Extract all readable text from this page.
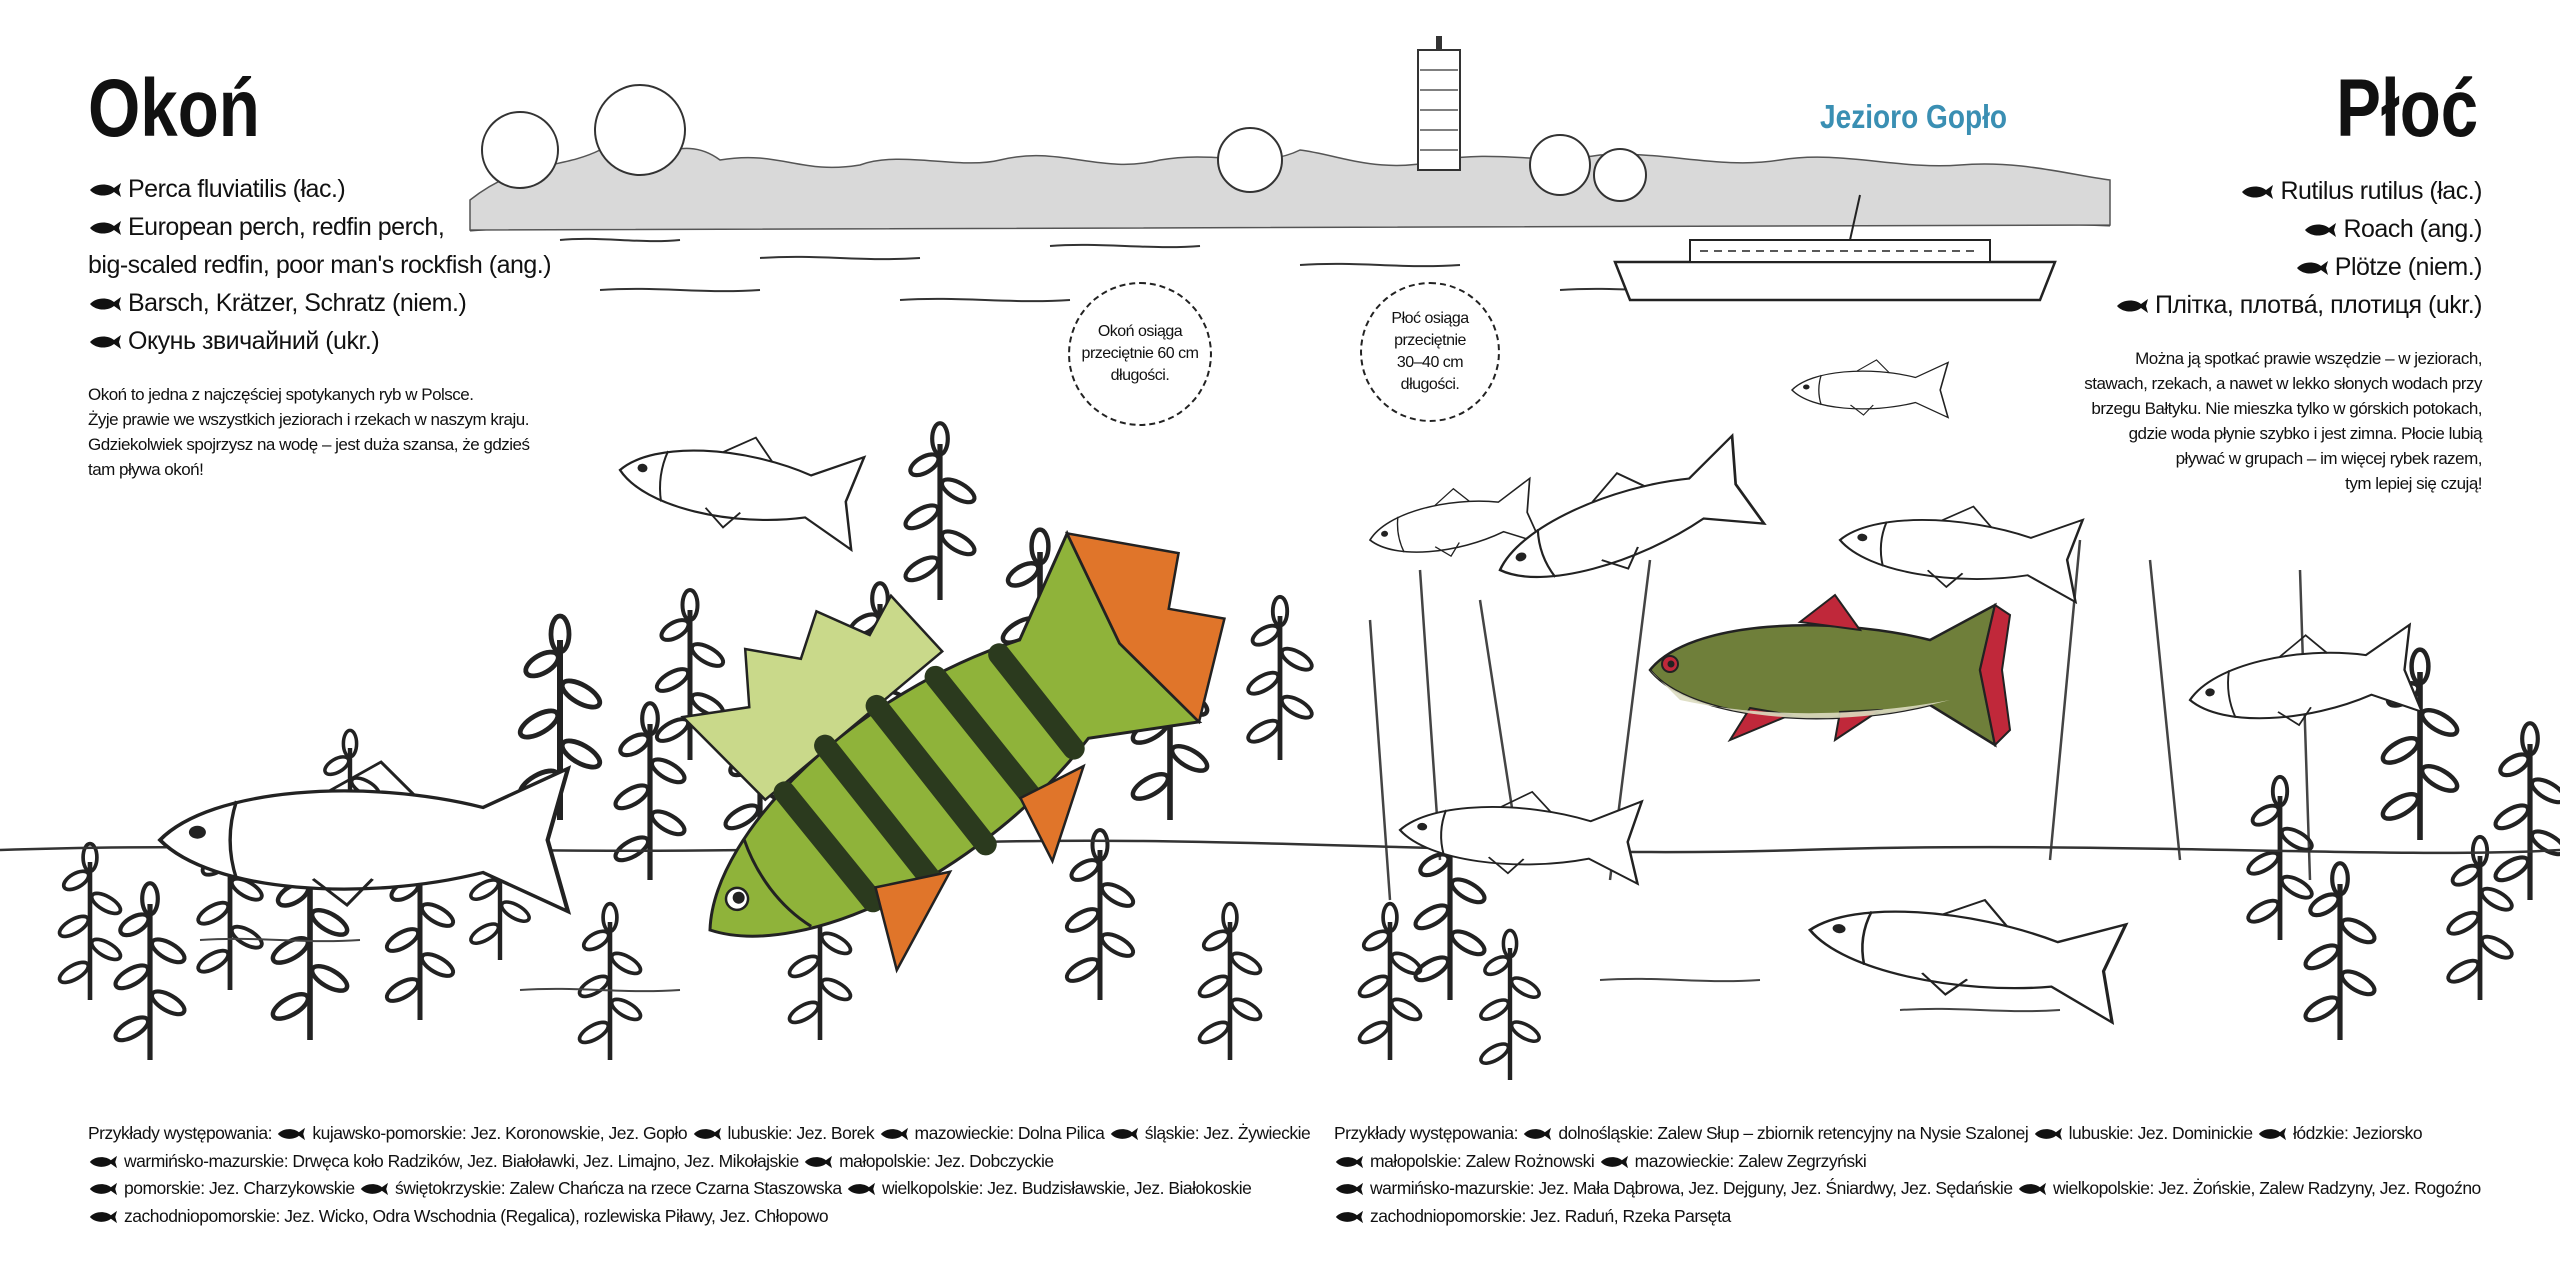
Okoń	Płoć
Perca fluviatilis (łac.)
European perch, redfin perch,
big-scaled redfin, poor man's rockfish (ang.)
Barsch, Krätzer, Schratz (niem.)
Окунь звичайний (ukr.)
Rutilus rutilus (łac.)
Roach (ang.)
Plötze (niem.)
Плітка, плотвá, плотиця (ukr.)
Okoń to jedna z najczęściej spotykanych ryb w Polsce.
Żyje prawie we wszystkich jeziorach i rzekach w naszym kraju.
Gdziekolwiek spojrzysz na wodę – jest duża szansa, że gdzieś
tam pływa okoń!
Można ją spotkać prawie wszędzie – w jeziorach,
stawach, rzekach, a nawet w lekko słonych wodach przy
brzegu Bałtyku. Nie mieszka tylko w górskich potokach,
gdzie woda płynie szybko i jest zimna. Płocie lubią
pływać w grupach – im więcej rybek razem,
tym lepiej się czują!
Jezioro Gopło
Okoń osiąga
przeciętnie 60 cm
długości.
Płoć osiąga
przeciętnie
30–40 cm
długości.
Przykłady występowania: kujawsko-pomorskie: Jez. Koronowskie, Jez. Gopło lubuskie: Jez. Borek mazowieckie: Dolna Pilica śląskie: Jez. Żywieckie warmińsko-mazurskie: Drwęca koło Radzików, Jez. Białoławki, Jez. Limajno, Jez. Mikołajskie małopolskie: Jez. Dobczyckie pomorskie: Jez. Charzykowskie świętokrzyskie: Zalew Chańcza na rzece Czarna Staszowska wielkopolskie: Jez. Budzisławskie, Jez. Białokoskie zachodniopomorskie: Jez. Wicko, Odra Wschodnia (Regalica), rozlewiska Piławy, Jez. Chłopowo
Przykłady występowania: dolnośląskie: Zalew Słup – zbiornik retencyjny na Nysie Szalonej lubuskie: Jez. Dominickie łódzkie: Jeziorsko małopolskie: Zalew Rożnowski mazowieckie: Zalew Zegrzyński warmińsko-mazurskie: Jez. Mała Dąbrowa, Jez. Dejguny, Jez. Śniardwy, Jez. Sędańskie wielkopolskie: Jez. Żońskie, Zalew Radzyny, Jez. Rogoźno zachodniopomorskie: Jez. Raduń, Rzeka Parsęta
